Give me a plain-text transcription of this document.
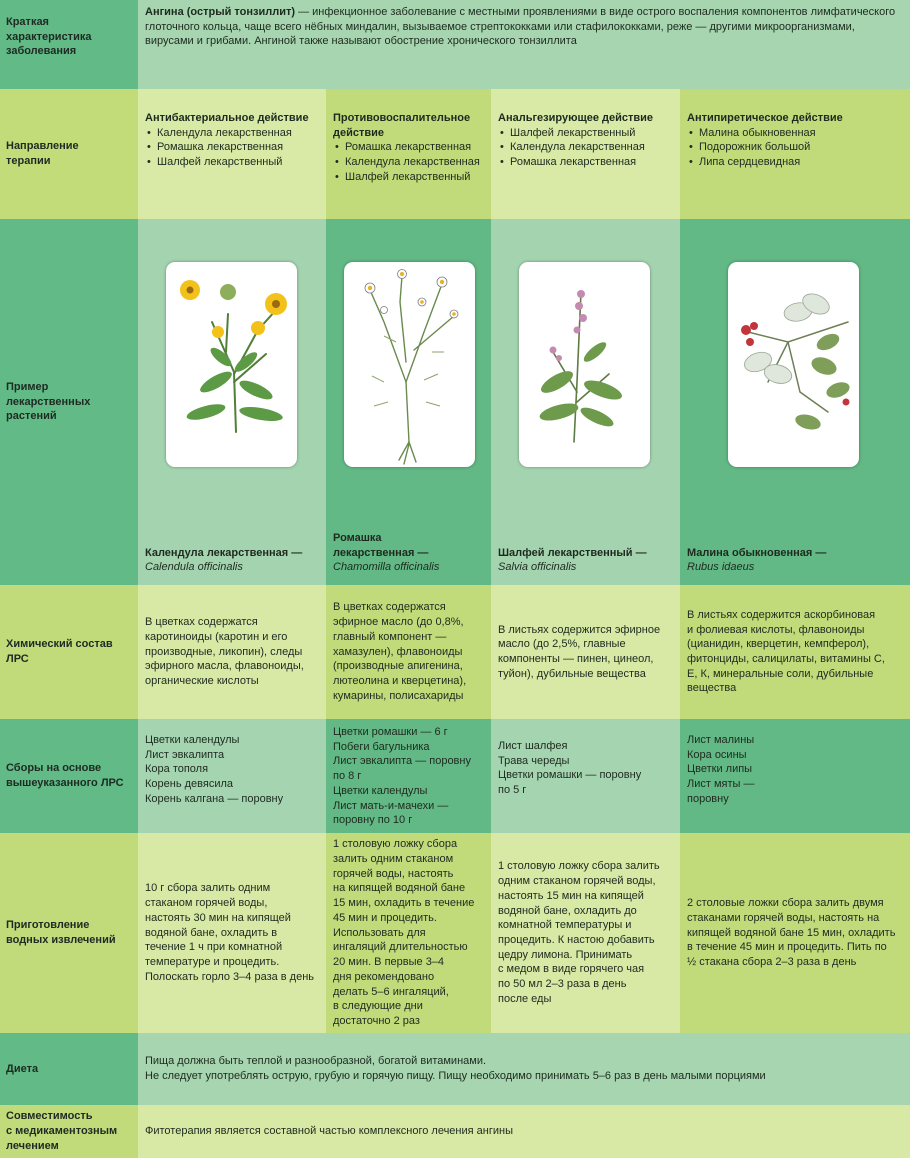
Краткая
характеристика
заболевания
Ангина (острый тонзиллит) — инфекционное заболевание с местными проявлениями в виде острого воспаления компонентов лимфатического глоточного кольца, чаще всего нёбных миндалин, вызываемое стрептококками или стафилококками, реже — другими микроорганизмами, вирусами и грибами. Ангиной также называют обострение хронического тонзиллита
Направление
терапии
Антибактериальное действие
• Календула лекарственная
• Ромашка лекарственная
• Шалфей лекарственный
Противовоспалительное действие
• Ромашка лекарственная
• Календула лекарственная
• Шалфей лекарственный
Анальгезирующее действие
• Шалфей лекарственный
• Календула лекарственная
• Ромашка лекарственная
Антипиретическое действие
• Малина обыкновенная
• Подорожник большой
• Липа сердцевидная
Пример
лекарственных
растений
Календула лекарственная —
Calendula officinalis
Ромашка
лекарственная —
Chamomilla officinalis
Шалфей лекарственный —
Salvia officinalis
Малина обыкновенная —
Rubus idaeus
Химический состав
ЛРС
В цветках содержатся
каротиноиды (каротин и его
производные, ликопин), следы
эфирного масла, флавоноиды,
органические кислоты
В цветках содержатся
эфирное масло (до 0,8%,
главный компонент —
хамазулен), флавоноиды
(производные апигенина,
лютеолина и кверцетина),
кумарины, полисахариды
В листьях содержится эфирное
масло (до 2,5%, главные
компоненты — пинен, цинеол,
туйон), дубильные вещества
В листьях содержится аскорбиновая
и фолиевая кислоты, флавоноиды
(цианидин, кверцетин, кемпферол),
фитонциды, салицилаты, витамины С,
Е, К, минеральные соли, дубильные
вещества
Сборы на основе
вышеуказанного ЛРС
Цветки календулы
Лист эвкалипта
Кора тополя
Корень девясила
Корень калгана — поровну
Цветки ромашки — 6 г
Побеги багульника
Лист эвкалипта — поровну
по 8 г
Цветки календулы
Лист мать-и-мачехи —
поровну по 10 г
Лист шалфея
Трава череды
Цветки ромашки — поровну
по 5 г
Лист малины
Кора осины
Цветки липы
Лист мяты —
поровну
Приготовление
водных извлечений
10 г сбора залить одним
стаканом горячей воды,
настоять 30 мин на кипящей
водяной бане, охладить в
течение 1 ч при комнатной
температуре и процедить.
Полоскать горло 3–4 раза в день
1 столовую ложку сбора
залить одним стаканом
горячей воды, настоять
на кипящей водяной бане
15 мин, охладить в течение
45 мин и процедить.
Использовать для
ингаляций длительностью
20 мин. В первые 3–4
дня рекомендовано
делать 5–6 ингаляций,
в следующие дни
достаточно 2 раз
1 столовую ложку сбора залить
одним стаканом горячей воды,
настоять 15 мин на кипящей
водяной бане, охладить до
комнатной температуры и
процедить. К настою добавить
цедру лимона. Принимать
с медом в виде горячего чая
по 50 мл 2–3 раза в день
после еды
2 столовые ложки сбора залить двумя
стаканами горячей воды, настоять на
кипящей водяной бане 15 мин, охладить
в течение 45 мин и процедить. Пить по
½ стакана сбора 2–3 раза в день
Диета
Пища должна быть теплой и разнообразной, богатой витаминами.
Не следует употреблять острую, грубую и горячую пищу. Пищу необходимо принимать 5–6 раз в день малыми порциями
Совместимость
с медикаментозным
лечением
Фитотерапия является составной частью комплексного лечения ангины
